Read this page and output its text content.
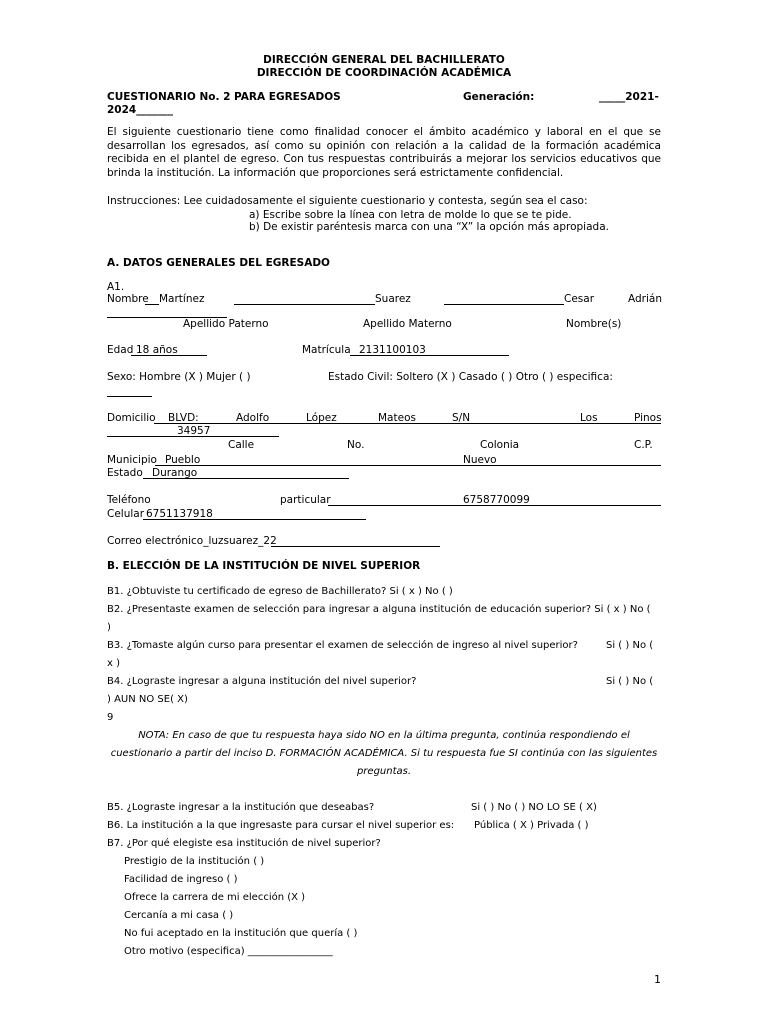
DIRECCIÓN GENERAL DEL BACHILLERATO
DIRECCIÓN DE COORDINACIÓN ACADÉMICA
CUESTIONARIO No. 2 PARA EGRESADOS	Generación:	_____2021-
2024_______
El siguiente cuestionario tiene como finalidad conocer el ámbito académico y laboral en el que se desarrollan los egresados, así como su opinión con relación a la calidad de la formación académica recibida en el plantel de egreso. Con tus respuestas contribuirás a mejorar los servicios educativos que brinda la institución. La información que proporciones será estrictamente confidencial.
Instrucciones: Lee cuidadosamente el siguiente cuestionario y contesta, según sea el caso:
a) Escribe sobre la línea con letra de molde lo que se te pide.
b) De existir paréntesis marca con una “X” la opción más apropiada.
A. DATOS GENERALES DEL EGRESADO
A1.
Nombre Martínez	Suarez	Cesar	Adrián
Apellido Paterno	Apellido Materno	Nombre(s)
Edad 18 años	Matrícula 2131100103
Sexo: Hombre (X ) Mujer ( )	Estado Civil: Soltero (X ) Casado ( ) Otro ( ) especifica:
Domicilio BLVD:	Adolfo	López	Mateos	S/N	Los	Pinos
34957
Calle	No.	Colonia	C.P.
Municipio Pueblo	Nuevo
Estado Durango
Teléfono	particular	6758770099
Celular 6751137918
Correo electrónico_luzsuarez_22
B. ELECCIÓN DE LA INSTITUCIÓN DE NIVEL SUPERIOR
B1. ¿Obtuviste tu certificado de egreso de Bachillerato? Si ( x ) No ( )
B2. ¿Presentaste examen de selección para ingresar a alguna institución de educación superior? Si ( x ) No (
)
B3. ¿Tomaste algún curso para presentar el examen de selección de ingreso al nivel superior?	Si ( ) No (
x )
B4. ¿Lograste ingresar a alguna institución del nivel superior?	Si ( ) No (
) AUN NO SE( X)
9
NOTA: En caso de que tu respuesta haya sido NO en la última pregunta, continúa respondiendo el
cuestionario a partir del inciso D. FORMACIÓN ACADÉMICA. Si tu respuesta fue SI continúa con las siguientes
preguntas.
B5. ¿Lograste ingresar a la institución que deseabas?	Si ( ) No ( ) NO LO SE ( X)
B6. La institución a la que ingresaste para cursar el nivel superior es: Pública ( X ) Privada ( )
B7. ¿Por qué elegiste esa institución de nivel superior?
Prestigio de la institución ( )
Facilidad de ingreso ( )
Ofrece la carrera de mi elección (X )
Cercanía a mi casa ( )
No fui aceptado en la institución que quería ( )
Otro motivo (especifica) _________________
1
